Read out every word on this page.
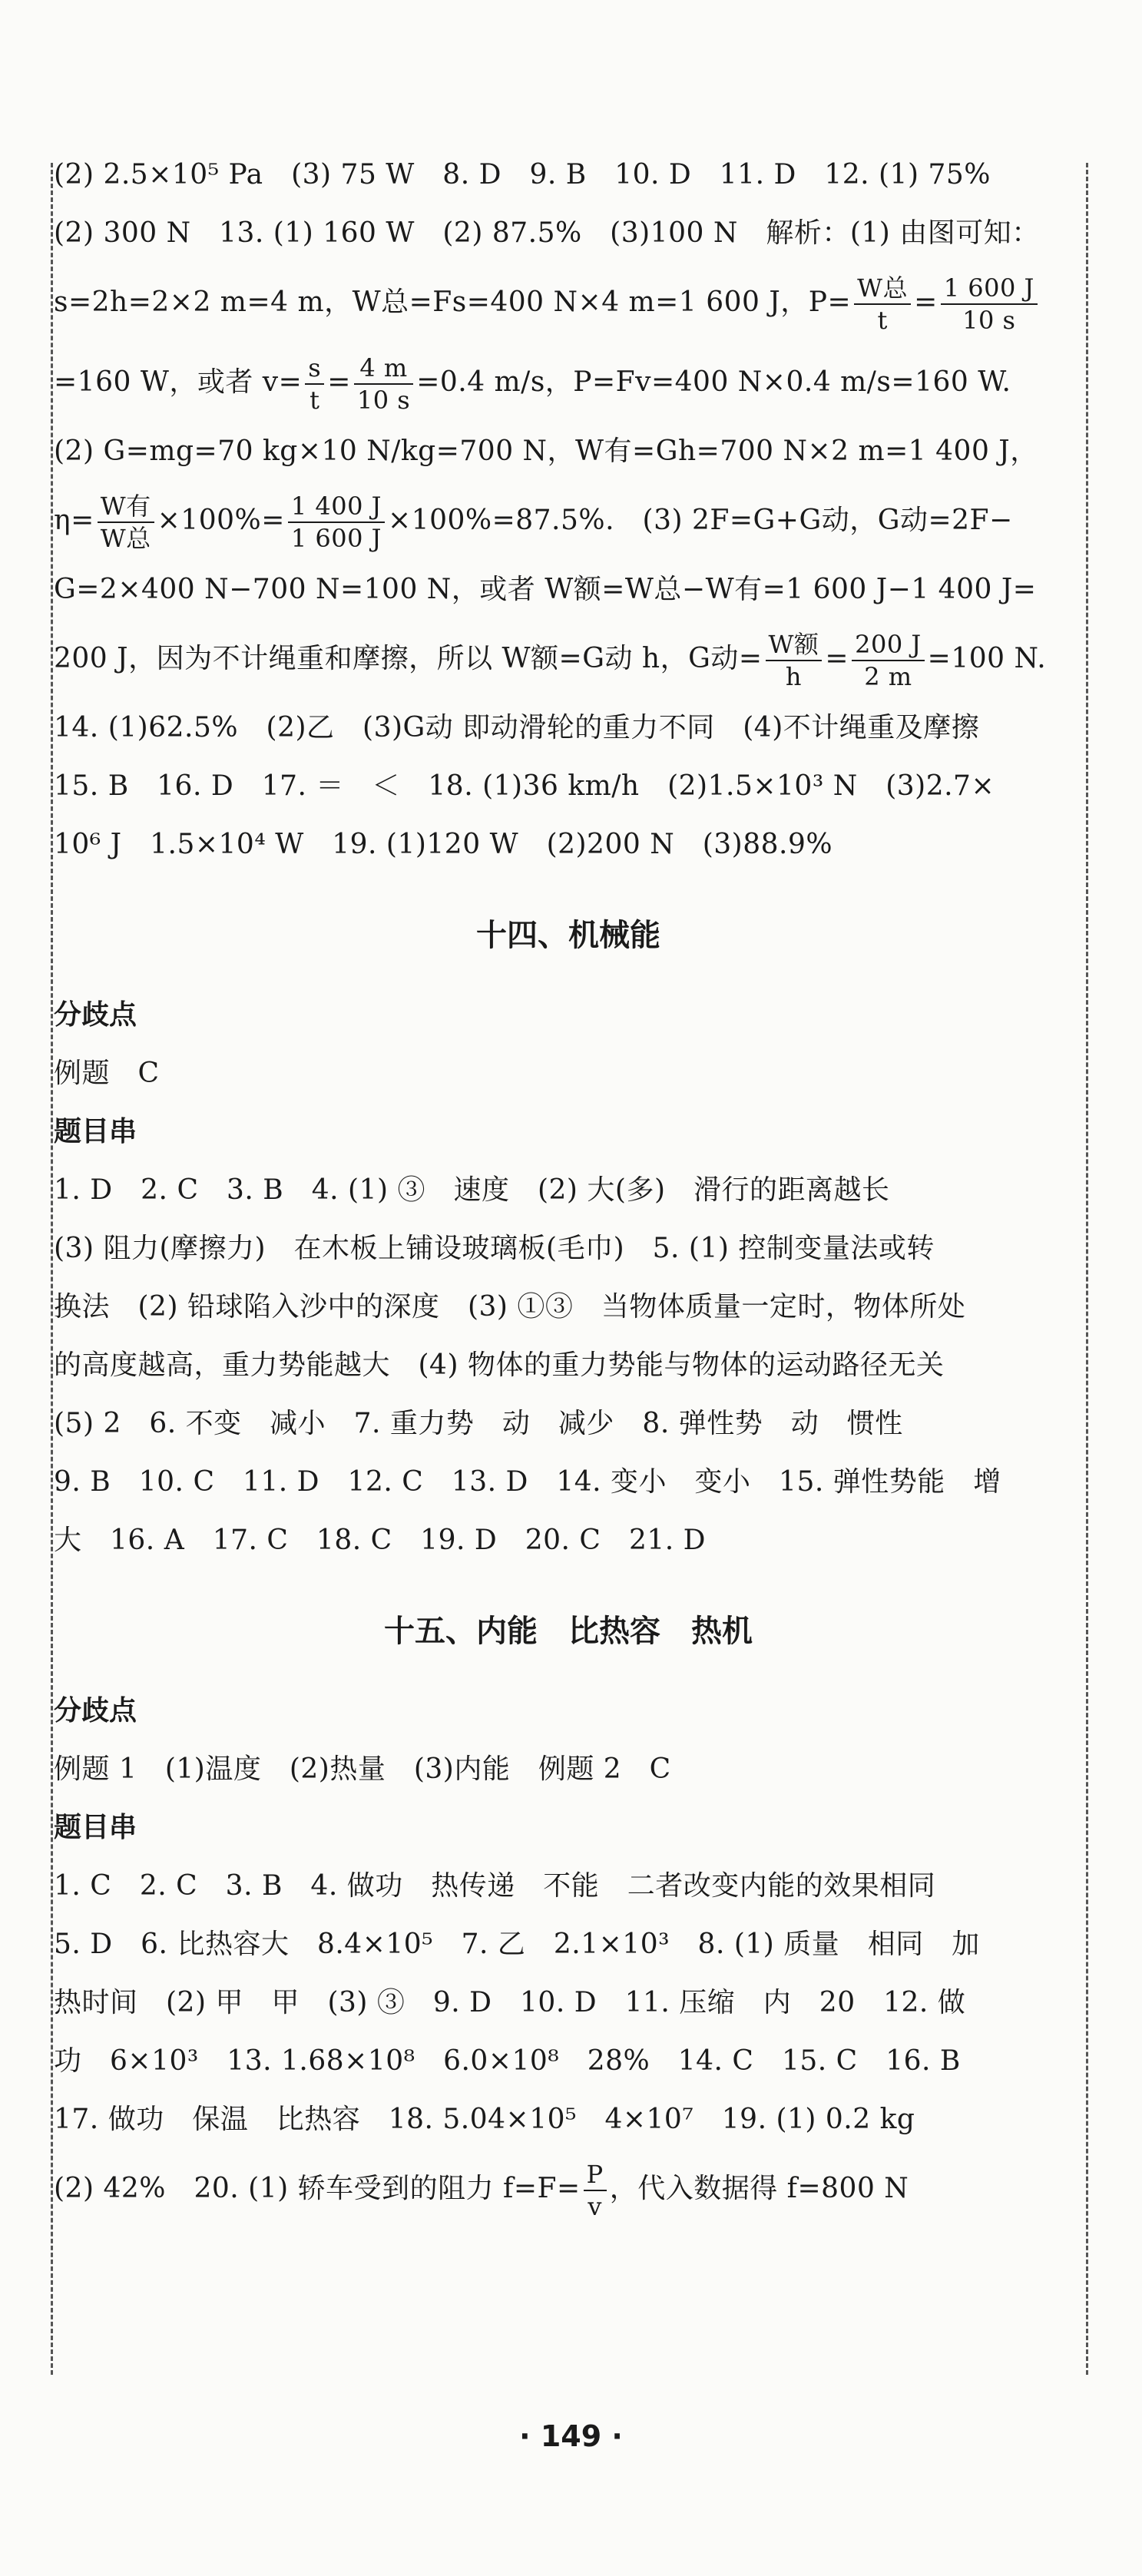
(2) 2.5×10⁵ Pa　(3) 75 W　8. D　9. B　10. D　11. D　12. (1) 75%
(2) 300 N　13. (1) 160 W　(2) 87.5%　(3)100 N　解析：(1) 由图可知：
s=2h=2×2 m=4 m，W总=Fs=400 N×4 m=1 600 J，$P= \frac{\text{W总}}{t} = \frac{1 600 J}{10 s}$
=160 W，或者 $v= \frac{s}{t} = \frac{4 m}{10 s} =0.4$ m/s，P=Fv=400 N×0.4 m/s=160 W.
(2) G=mg=70 kg×10 N/kg=700 N，W有=Gh=700 N×2 m=1 400 J，
$\eta= \frac{\text{W有}}{\text{W总}} \times 100\%= \frac{1 400 J}{1 600 J} \times 100\%=87.5\%$.　(3) 2F=G+G动，G动=2F−
G=2×400 N−700 N=100 N，或者 W额=W总−W有=1 600 J−1 400 J=
200 J，因为不计绳重和摩擦，所以 W额=G动 h，G动= $\frac{\text{W额}}{h} = \frac{200 J}{2 m} =100$ N.
14. (1)62.5%　(2)乙　(3)G动 即动滑轮的重力不同　(4)不计绳重及摩擦
15. B　16. D　17. ＝　＜　18. (1)36 km/h　(2)1.5×10³ N　(3)2.7×
10⁶ J　1.5×10⁴ W　19. (1)120 W　(2)200 N　(3)88.9%
十四、机械能
分歧点
例题　C
题目串
1. D　2. C　3. B　4. (1) ③　速度　(2) 大(多)　滑行的距离越长
(3) 阻力(摩擦力)　在木板上铺设玻璃板(毛巾)　5. (1) 控制变量法或转
换法　(2) 铅球陷入沙中的深度　(3) ①③　当物体质量一定时，物体所处
的高度越高，重力势能越大　(4) 物体的重力势能与物体的运动路径无关
(5) 2　6. 不变　减小　7. 重力势　动　减少　8. 弹性势　动　惯性
9. B　10. C　11. D　12. C　13. D　14. 变小　变小　15. 弹性势能　增
大　16. A　17. C　18. C　19. D　20. C　21. D
十五、内能　比热容　热机
分歧点
例题 1　(1)温度　(2)热量　(3)内能　例题 2　C
题目串
1. C　2. C　3. B　4. 做功　热传递　不能　二者改变内能的效果相同
5. D　6. 比热容大　8.4×10⁵　7. 乙　2.1×10³　8. (1) 质量　相同　加
热时间　(2) 甲　甲　(3) ③　9. D　10. D　11. 压缩　内　20　12. 做
功　6×10³　13. 1.68×10⁸　6.0×10⁸　28%　14. C　15. C　16. B
17. 做功　保温　比热容　18. 5.04×10⁵　4×10⁷　19. (1) 0.2 kg
(2) 42%　20. (1) 轿车受到的阻力 $f=F= \frac{P}{v}$ ，代入数据得 f=800 N
· 149 ·
